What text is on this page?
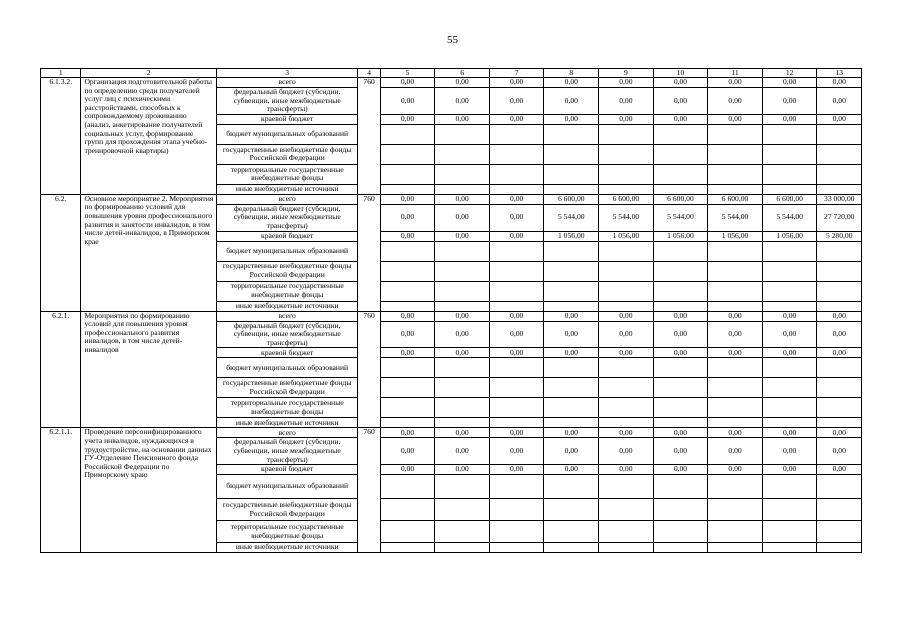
55
1	2	3	4	5	6	7	8	9	10	11	12	13
6.1.3.2.	Организация подготовительной работы по определению среди получателей услуг лиц с психическими расстройствами, способных к сопровождаемому проживанию (анализ, анкетирование получателей социальных услуг, формирование групп для прохождения этапа учебно-тренировочной квартиры)	всего	760	0,00	0,00	0,00	0,00	0,00	0,00	0,00	0,00	0,00
		федеральный бюджет (субсидии, субвенции, иные межбюджетные трансферты)		0,00	0,00	0,00	0,00	0,00	0,00	0,00	0,00	0,00
		краевой бюджет		0,00	0,00	0,00	0,00	0,00	0,00	0,00	0,00	0,00
		бюджет муниципальных образований										
		государственные внебюджетные фонды Российской Федерации										
		территориальные государственные внебюджетные фонды										
		иные внебюджетные источники										
6.2.	Основное мероприятие 2. Мероприятия по формированию условий для повышения уровня профессионального развития и занятости инвалидов, в том числе детей-инвалидов, в Приморском крае	всего	760	0,00	0,00	0,00	6 600,00	6 600,00	6 600,00	6 600,00	6 600,00	33 000,00
		федеральный бюджет (субсидии, субвенции, иные межбюджетные трансферты)		0,00	0,00	0,00	5 544,00	5 544,00	5 544,00	5 544,00	5 544,00	27 720,00
		краевой бюджет		0,00	0,00	0,00	1 056,00	1 056,00	1 056,00	1 056,00	1 056,00	5 280,00
		бюджет муниципальных образований										
		государственные внебюджетные фонды Российской Федерации										
		территориальные государственные внебюджетные фонды										
		иные внебюджетные источники										
6.2.1.	Мероприятия по формированию условий для повышения уровня профессионального развития инвалидов, в том числе детей-инвалидов	всего	760	0,00	0,00	0,00	0,00	0,00	0,00	0,00	0,00	0,00
		федеральный бюджет (субсидии, субвенции, иные межбюджетные трансферты)		0,00	0,00	0,00	0,00	0,00	0,00	0,00	0,00	0,00
		краевой бюджет		0,00	0,00	0,00	0,00	0,00	0,00	0,00	0,00	0,00
		бюджет муниципальных образований										
		государственные внебюджетные фонды Российской Федерации										
		территориальные государственные внебюджетные фонды										
		иные внебюджетные источники										
6.2.1.1.	Проведение персонифицированного учета инвалидов, нуждающихся в трудоустройстве, на основании данных ГУ-Отделение Пенсионного фонда Российской Федерации по Приморскому краю	всего	760	0,00	0,00	0,00	0,00	0,00	0,00	0,00	0,00	0,00
		федеральный бюджет (субсидии, субвенции, иные межбюджетные трансферты)		0,00	0,00	0,00	0,00	0,00	0,00	0,00	0,00	0,00
		краевой бюджет		0,00	0,00	0,00	0,00	0,00	0,00	0,00	0,00	0,00
		бюджет муниципальных образований										
		государственные внебюджетные фонды Российской Федерации										
		территориальные государственные внебюджетные фонды										
		иные внебюджетные источники										
